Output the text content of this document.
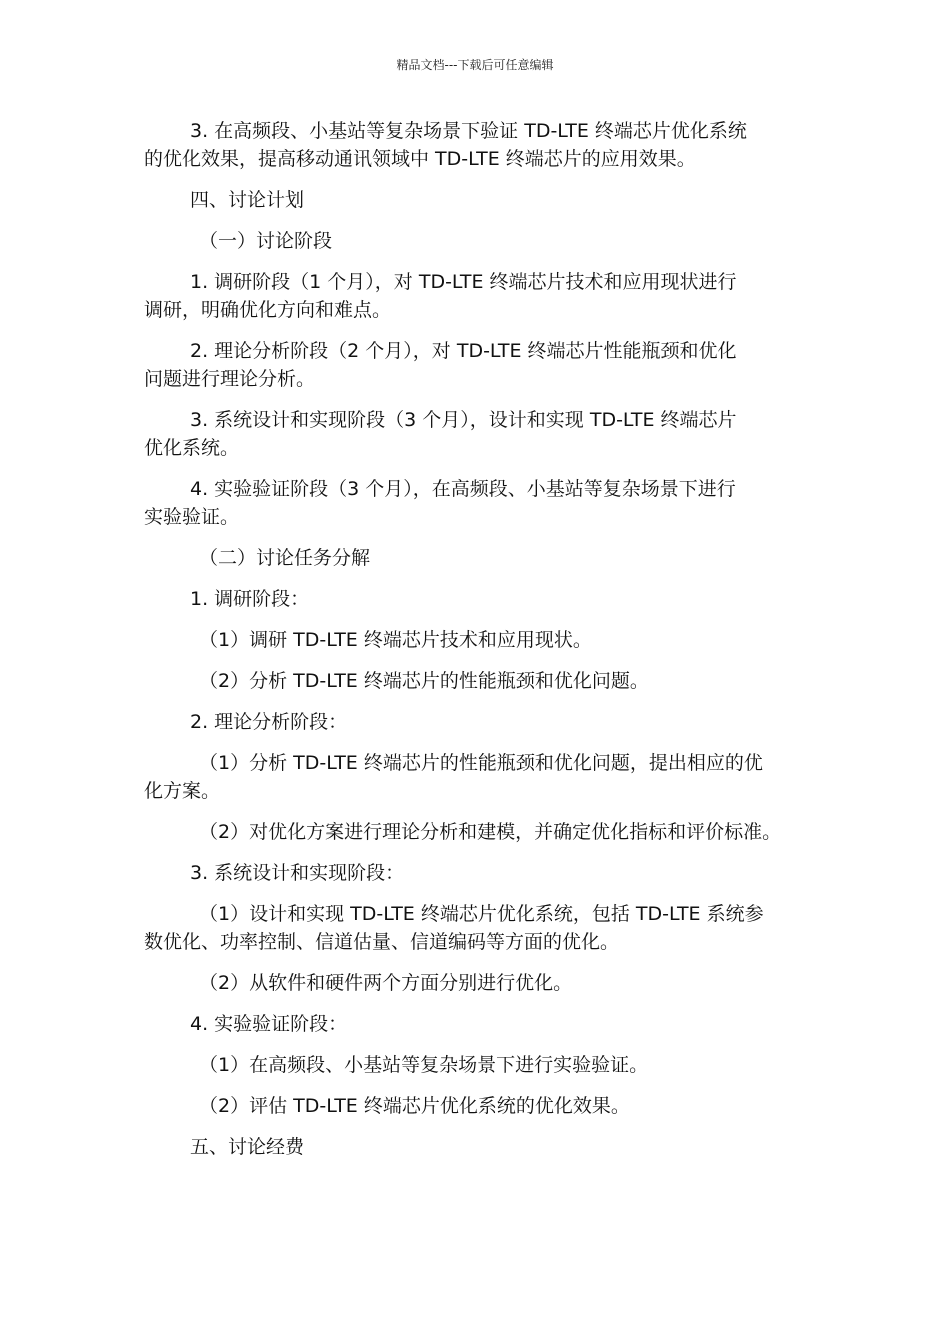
精品文档---下载后可任意编辑

3. 在高频段、小基站等复杂场景下验证 TD-LTE 终端芯片优化系统
的优化效果，提高移动通讯领域中 TD-LTE 终端芯片的应用效果。

四、讨论计划

（一）讨论阶段

1. 调研阶段（1 个月），对 TD-LTE 终端芯片技术和应用现状进行
调研，明确优化方向和难点。

2. 理论分析阶段（2 个月），对 TD-LTE 终端芯片性能瓶颈和优化
问题进行理论分析。

3. 系统设计和实现阶段（3 个月），设计和实现 TD-LTE 终端芯片
优化系统。

4. 实验验证阶段（3 个月），在高频段、小基站等复杂场景下进行
实验验证。

（二）讨论任务分解

1. 调研阶段：

（1）调研 TD-LTE 终端芯片技术和应用现状。

（2）分析 TD-LTE 终端芯片的性能瓶颈和优化问题。

2. 理论分析阶段：

（1）分析 TD-LTE 终端芯片的性能瓶颈和优化问题，提出相应的优
化方案。

（2）对优化方案进行理论分析和建模，并确定优化指标和评价标准。

3. 系统设计和实现阶段：

（1）设计和实现 TD-LTE 终端芯片优化系统，包括 TD-LTE 系统参
数优化、功率控制、信道估量、信道编码等方面的优化。

（2）从软件和硬件两个方面分别进行优化。

4. 实验验证阶段：

（1）在高频段、小基站等复杂场景下进行实验验证。

（2）评估 TD-LTE 终端芯片优化系统的优化效果。

五、讨论经费
